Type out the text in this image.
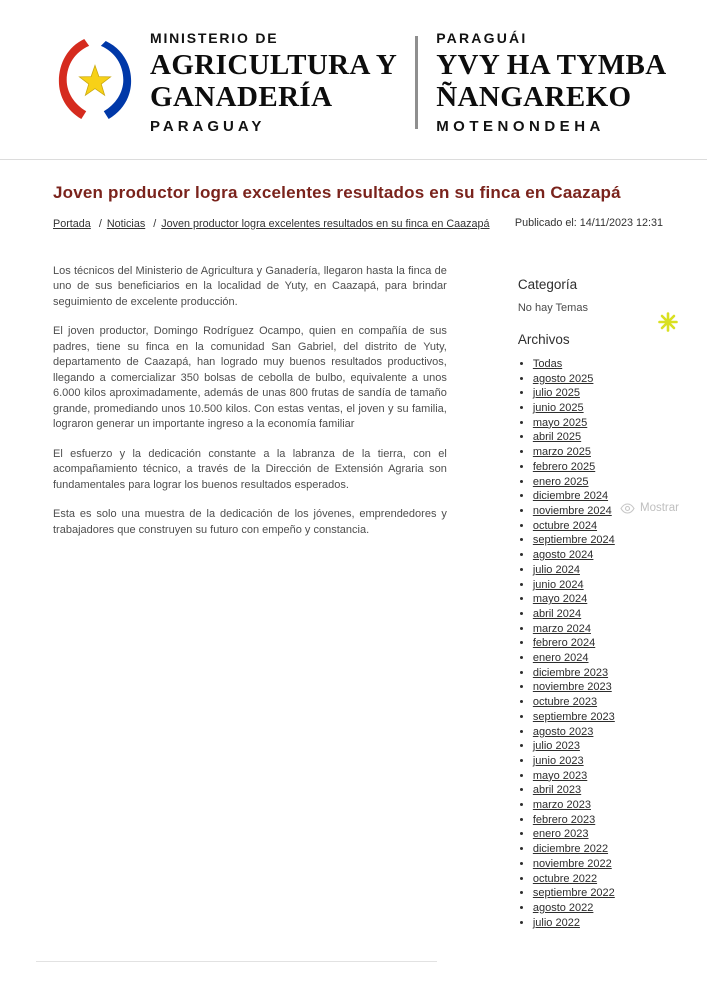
MINISTERIO DE
AGRICULTURA Y
GANADERÍA
PARAGUAY
PARAGUÁI
YVY HA TYMBA
ÑANGAREKO
MOTENONDEHA
Joven productor logra excelentes resultados en su finca en Caazapá
Portada / Noticias / Joven productor logra excelentes resultados en su finca en Caazapá Publicado el: 14/11/2023 12:31

Los técnicos del Ministerio de Agricultura y Ganadería, llegaron hasta la finca de uno de sus beneficiarios en la localidad de Yuty, en Caazapá, para brindar seguimiento de excelente producción.

El joven productor, Domingo Rodríguez Ocampo, quien en compañía de sus padres, tiene su finca en la comunidad San Gabriel, del distrito de Yuty, departamento de Caazapá, han logrado muy buenos resultados productivos, llegando a comercializar 350 bolsas de cebolla de bulbo, equivalente a unos 6.000 kilos aproximadamente, además de unas 800 frutas de sandía de tamaño grande, promediando unos 10.500 kilos. Con estas ventas, el joven y su familia, lograron generar un importante ingreso a la economía familiar

El esfuerzo y la dedicación constante a la labranza de la tierra, con el acompañamiento técnico, a través de la Dirección de Extensión Agraria son fundamentales para lograr los buenos resultados esperados.

Esta es solo una muestra de la dedicación de los jóvenes, emprendedores y trabajadores que construyen su futuro con empeño y constancia.

Categoría

No hay Temas

Archivos
• Todas
• agosto 2025
• julio 2025
• junio 2025
• mayo 2025
• abril 2025
• marzo 2025
• febrero 2025
• enero 2025
• diciembre 2024
• noviembre 2024
• octubre 2024
• septiembre 2024
• agosto 2024
• julio 2024
• junio 2024
• mayo 2024
• abril 2024
• marzo 2024
• febrero 2024
• enero 2024
• diciembre 2023
• noviembre 2023
• octubre 2023
• septiembre 2023
• agosto 2023
• julio 2023
• junio 2023
• mayo 2023
• abril 2023
• marzo 2023
• febrero 2023
• enero 2023
• diciembre 2022
• noviembre 2022
• octubre 2022
• septiembre 2022
• agosto 2022
• julio 2022
Mostrar
